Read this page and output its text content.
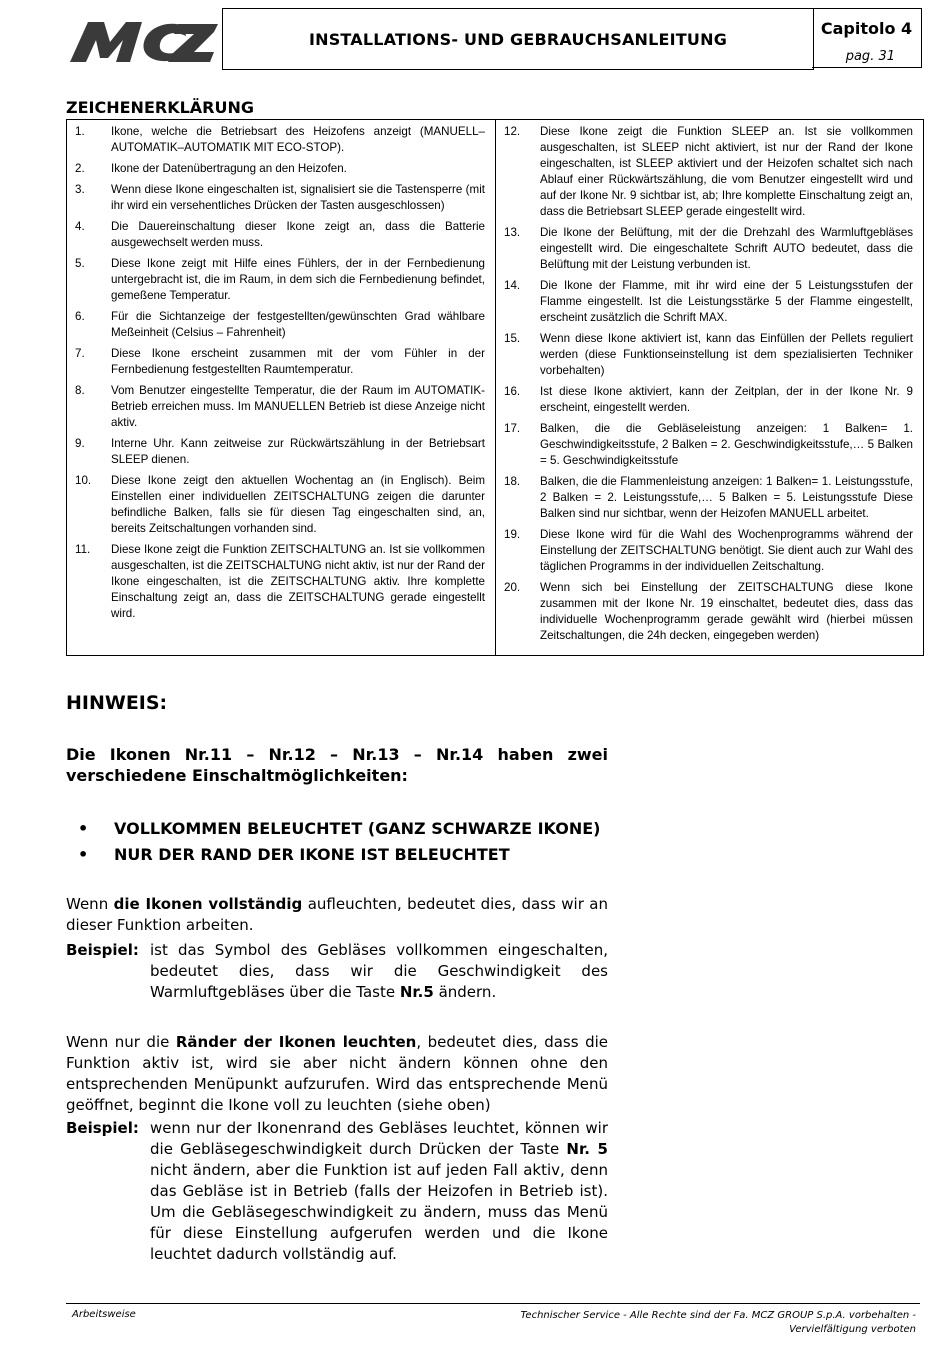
MCZ
INSTALLATIONS- UND GEBRAUCHSANLEITUNG
Capitolo 4
pag. 31
ZEICHENERKLÄRUNG
1.	Ikone, welche die Betriebsart des Heizofens anzeigt (MANUELL–AUTOMATIK–AUTOMATIK MIT ECO-STOP).
2.	Ikone der Datenübertragung an den Heizofen.
3.	Wenn diese Ikone eingeschalten ist, signalisiert sie die Tastensperre (mit ihr wird ein versehentliches Drücken der Tasten ausgeschlossen)
4.	Die Dauereinschaltung dieser Ikone zeigt an, dass die Batterie ausgewechselt werden muss.
5.	Diese Ikone zeigt mit Hilfe eines Fühlers, der in der Fernbedienung untergebracht ist, die im Raum, in dem sich die Fernbedienung befindet, gemeßene Temperatur.
6.	Für die Sichtanzeige der festgestellten/gewünschten Grad wählbare Meßeinheit (Celsius – Fahrenheit)
7.	Diese Ikone erscheint zusammen mit der vom Fühler in der Fernbedienung festgestellten Raumtemperatur.
8.	Vom Benutzer eingestellte Temperatur, die der Raum im AUTOMATIK-Betrieb erreichen muss. Im MANUELLEN Betrieb ist diese Anzeige nicht aktiv.
9.	Interne Uhr. Kann zeitweise zur Rückwärtszählung in der Betriebsart SLEEP dienen.
10.	Diese Ikone zeigt den aktuellen Wochentag an (in Englisch). Beim Einstellen einer individuellen ZEITSCHALTUNG zeigen die darunter befindliche Balken, falls sie für diesen Tag eingeschalten sind, an, bereits Zeitschaltungen vorhanden sind.
11.	Diese Ikone zeigt die Funktion ZEITSCHALTUNG an. Ist sie vollkommen ausgeschalten, ist die ZEITSCHALTUNG nicht aktiv, ist nur der Rand der Ikone eingeschalten, ist die ZEITSCHALTUNG aktiv. Ihre komplette Einschaltung zeigt an, dass die ZEITSCHALTUNG gerade eingestellt wird.
12.	Diese Ikone zeigt die Funktion SLEEP an. Ist sie vollkommen ausgeschalten, ist SLEEP nicht aktiviert, ist nur der Rand der Ikone eingeschalten, ist SLEEP aktiviert und der Heizofen schaltet sich nach Ablauf einer Rückwärtszählung, die vom Benutzer eingestellt wird und auf der Ikone Nr. 9 sichtbar ist, ab; Ihre komplette Einschaltung zeigt an, dass die Betriebsart SLEEP gerade eingestellt wird.
13.	Die Ikone der Belüftung, mit der die Drehzahl des Warmluftgebläses eingestellt wird. Die eingeschaltete Schrift AUTO bedeutet, dass die Belüftung mit der Leistung verbunden ist.
14.	Die Ikone der Flamme, mit ihr wird eine der 5 Leistungsstufen der Flamme eingestellt. Ist die Leistungsstärke 5 der Flamme eingestellt, erscheint zusätzlich die Schrift MAX.
15.	Wenn diese Ikone aktiviert ist, kann das Einfüllen der Pellets reguliert werden (diese Funktionseinstellung ist dem spezialisierten Techniker vorbehalten)
16.	Ist diese Ikone aktiviert, kann der Zeitplan, der in der Ikone Nr. 9 erscheint, eingestellt werden.
17.	Balken, die die Gebläseleistung anzeigen: 1 Balken= 1. Geschwindigkeitsstufe, 2 Balken = 2. Geschwindigkeitsstufe,… 5 Balken = 5. Geschwindigkeitsstufe
18.	Balken, die die Flammenleistung anzeigen: 1 Balken= 1. Leistungsstufe, 2 Balken = 2. Leistungsstufe,… 5 Balken = 5. Leistungsstufe Diese Balken sind nur sichtbar, wenn der Heizofen MANUELL arbeitet.
19.	Diese Ikone wird für die Wahl des Wochenprogramms während der Einstellung der ZEITSCHALTUNG benötigt. Sie dient auch zur Wahl des täglichen Programms in der individuellen Zeitschaltung.
20.	Wenn sich bei Einstellung der ZEITSCHALTUNG diese Ikone zusammen mit der Ikone Nr. 19 einschaltet, bedeutet dies, dass das individuelle Wochenprogramm gerade gewählt wird (hierbei müssen Zeitschaltungen, die 24h decken, eingegeben werden)
HINWEIS:
Die Ikonen Nr.11 – Nr.12 – Nr.13 – Nr.14 haben zwei
verschiedene Einschaltmöglichkeiten:
• VOLLKOMMEN BELEUCHTET (GANZ SCHWARZE IKONE)
• NUR DER RAND DER IKONE IST BELEUCHTET
Wenn die Ikonen vollständig aufleuchten, bedeutet dies, dass wir an dieser Funktion arbeiten.
Beispiel: ist das Symbol des Gebläses vollkommen eingeschalten, bedeutet dies, dass wir die Geschwindigkeit des Warmluftgebläses über die Taste Nr.5 ändern.
Wenn nur die Ränder der Ikonen leuchten, bedeutet dies, dass die Funktion aktiv ist, wird sie aber nicht ändern können ohne den entsprechenden Menüpunkt aufzurufen. Wird das entsprechende Menü geöffnet, beginnt die Ikone voll zu leuchten (siehe oben)
Beispiel: wenn nur der Ikonenrand des Gebläses leuchtet, können wir die Gebläsegeschwindigkeit durch Drücken der Taste Nr. 5 nicht ändern, aber die Funktion ist auf jeden Fall aktiv, denn das Gebläse ist in Betrieb (falls der Heizofen in Betrieb ist). Um die Gebläsegeschwindigkeit zu ändern, muss das Menü für diese Einstellung aufgerufen werden und die Ikone leuchtet dadurch vollständig auf.
Arbeitsweise	Technischer Service - Alle Rechte sind der Fa. MCZ GROUP S.p.A. vorbehalten -
Vervielfältigung verboten
